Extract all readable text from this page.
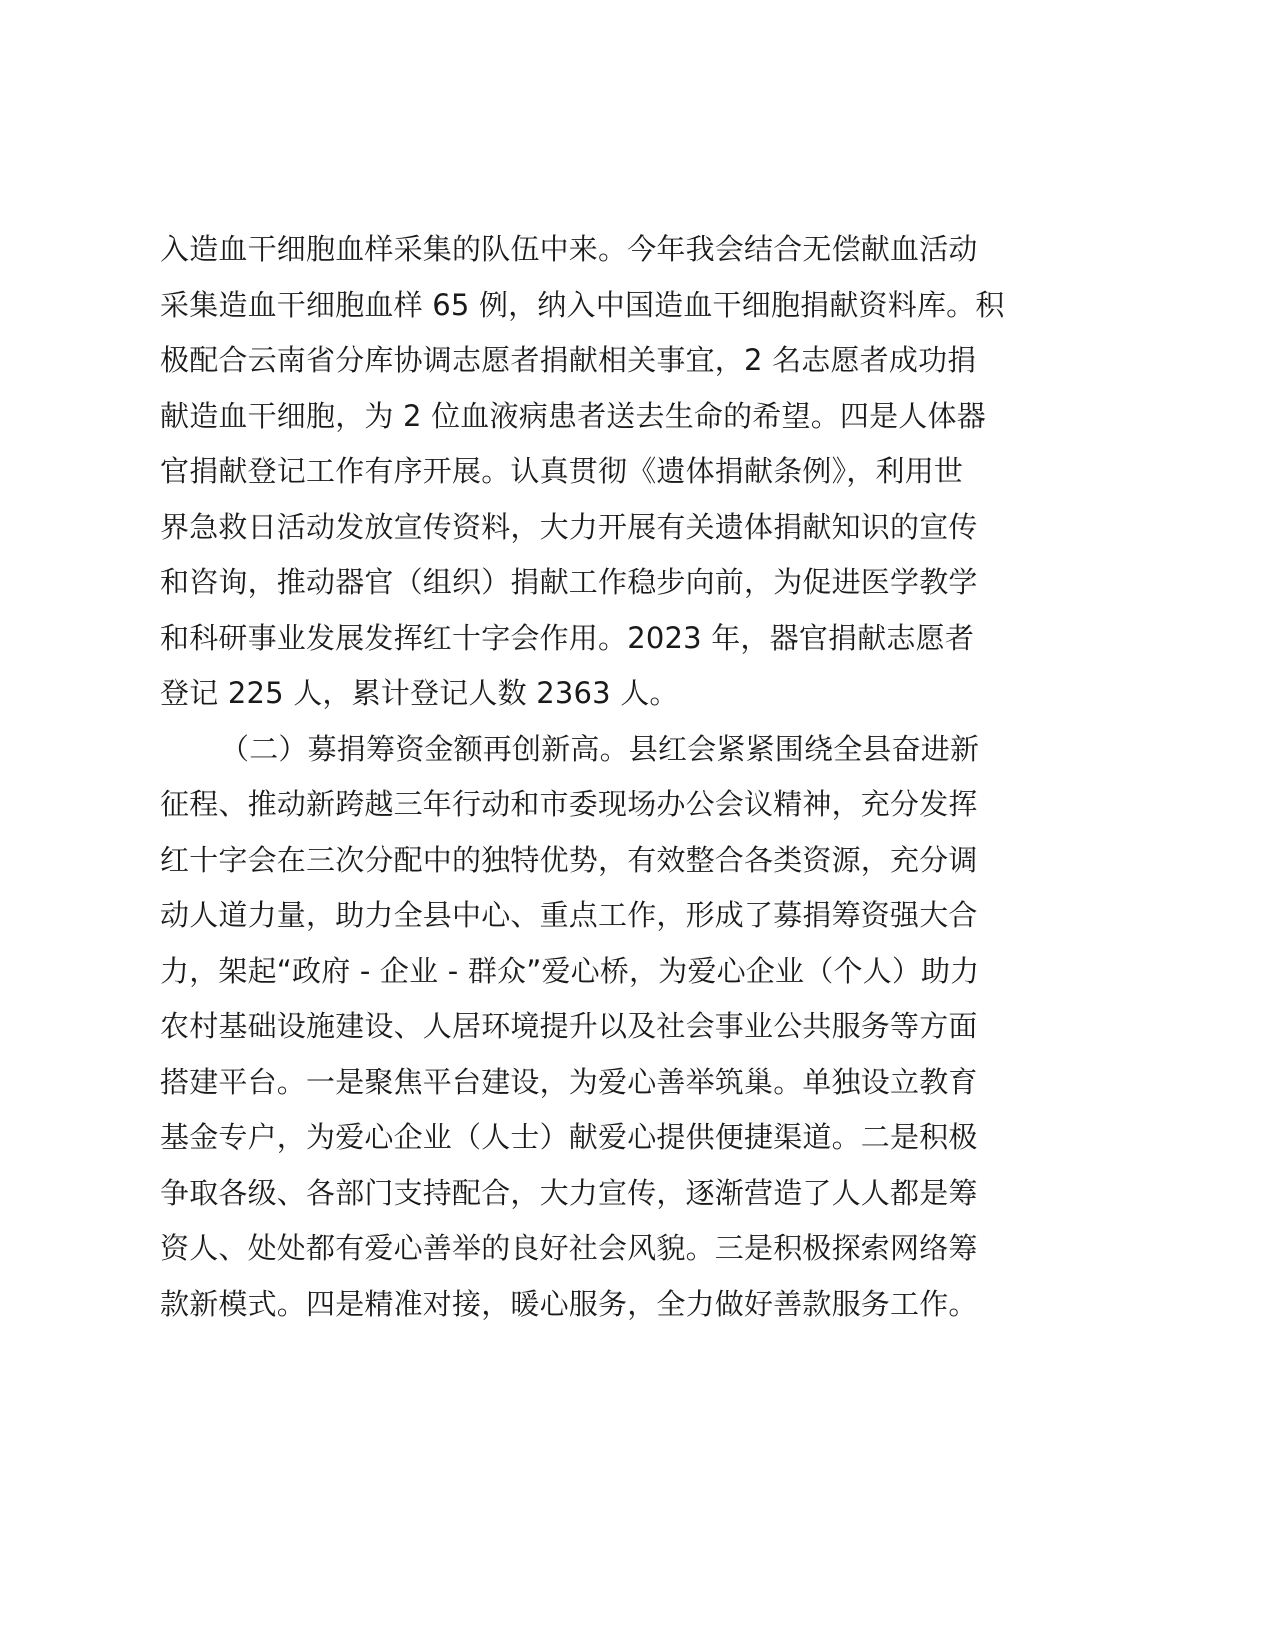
入造血干细胞血样采集的队伍中来。今年我会结合无偿献血活动
采集造血干细胞血样 65 例，纳入中国造血干细胞捐献资料库。积
极配合云南省分库协调志愿者捐献相关事宜，2 名志愿者成功捐
献造血干细胞，为 2 位血液病患者送去生命的希望。四是人体器
官捐献登记工作有序开展。认真贯彻《遗体捐献条例》，利用世
界急救日活动发放宣传资料，大力开展有关遗体捐献知识的宣传
和咨询，推动器官（组织）捐献工作稳步向前，为促进医学教学
和科研事业发展发挥红十字会作用。2023 年，器官捐献志愿者
登记 225 人，累计登记人数 2363 人。
（二）募捐筹资金额再创新高。县红会紧紧围绕全县奋进新
征程、推动新跨越三年行动和市委现场办公会议精神，充分发挥
红十字会在三次分配中的独特优势，有效整合各类资源，充分调
动人道力量，助力全县中心、重点工作，形成了募捐筹资强大合
力，架起“政府 - 企业 - 群众”爱心桥，为爱心企业（个人）助力
农村基础设施建设、人居环境提升以及社会事业公共服务等方面
搭建平台。一是聚焦平台建设，为爱心善举筑巢。单独设立教育
基金专户，为爱心企业（人士）献爱心提供便捷渠道。二是积极
争取各级、各部门支持配合，大力宣传，逐渐营造了人人都是筹
资人、处处都有爱心善举的良好社会风貌。三是积极探索网络筹
款新模式。四是精准对接，暖心服务，全力做好善款服务工作。
